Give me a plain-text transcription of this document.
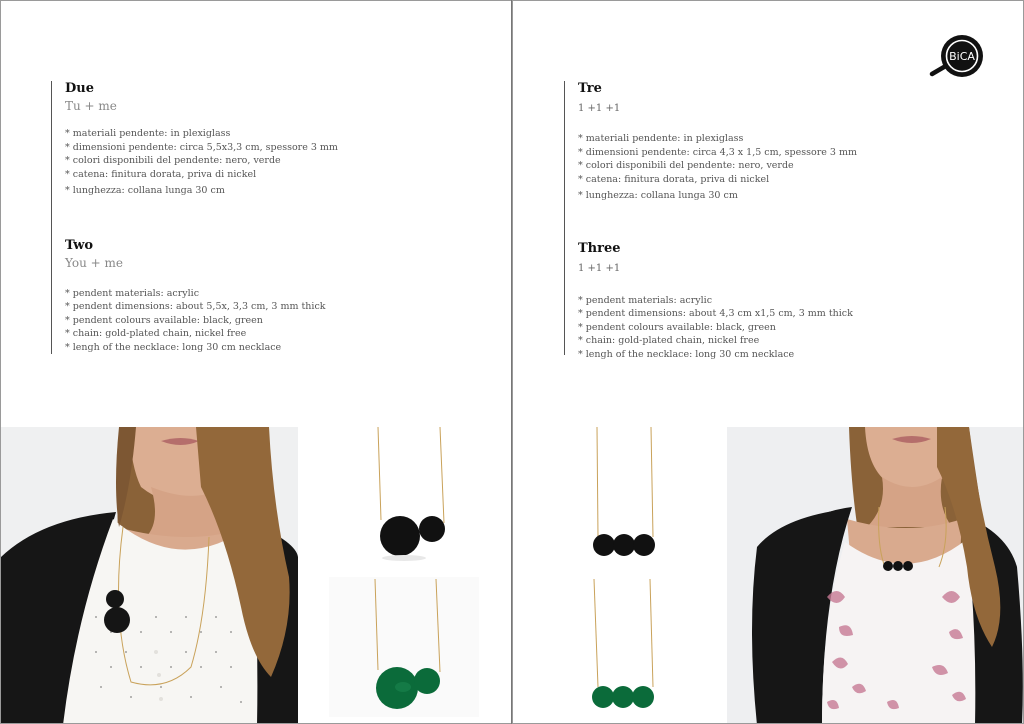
Due
Tu + me
* materiali pendente: in plexiglass
* dimensioni pendente: circa 5,5x3,3 cm, spessore 3 mm
* colori disponibili del pendente: nero, verde
* catena: finitura dorata, priva di nickel
* lunghezza: collana lunga 30 cm
Two
You + me
* pendent materials: acrylic
* pendent dimensions: about 5,5x, 3,3 cm, 3 mm thick
* pendent colours available: black, green
* chain: gold-plated chain, nickel free
* lengh of the necklace: long 30 cm necklace
BiCA
Tre
1 +1 +1
* materiali pendente: in plexiglass
* dimensioni pendente: circa 4,3 x 1,5 cm, spessore 3 mm
* colori disponibili del pendente: nero, verde
* catena: finitura dorata, priva di nickel
* lunghezza: collana lunga 30 cm
Three
1 +1 +1
* pendent materials: acrylic
* pendent dimensions: about 4,3 cm x1,5 cm, 3 mm thick
* pendent colours available: black, green
* chain: gold-plated chain, nickel free
* lengh of the necklace: long 30 cm necklace
